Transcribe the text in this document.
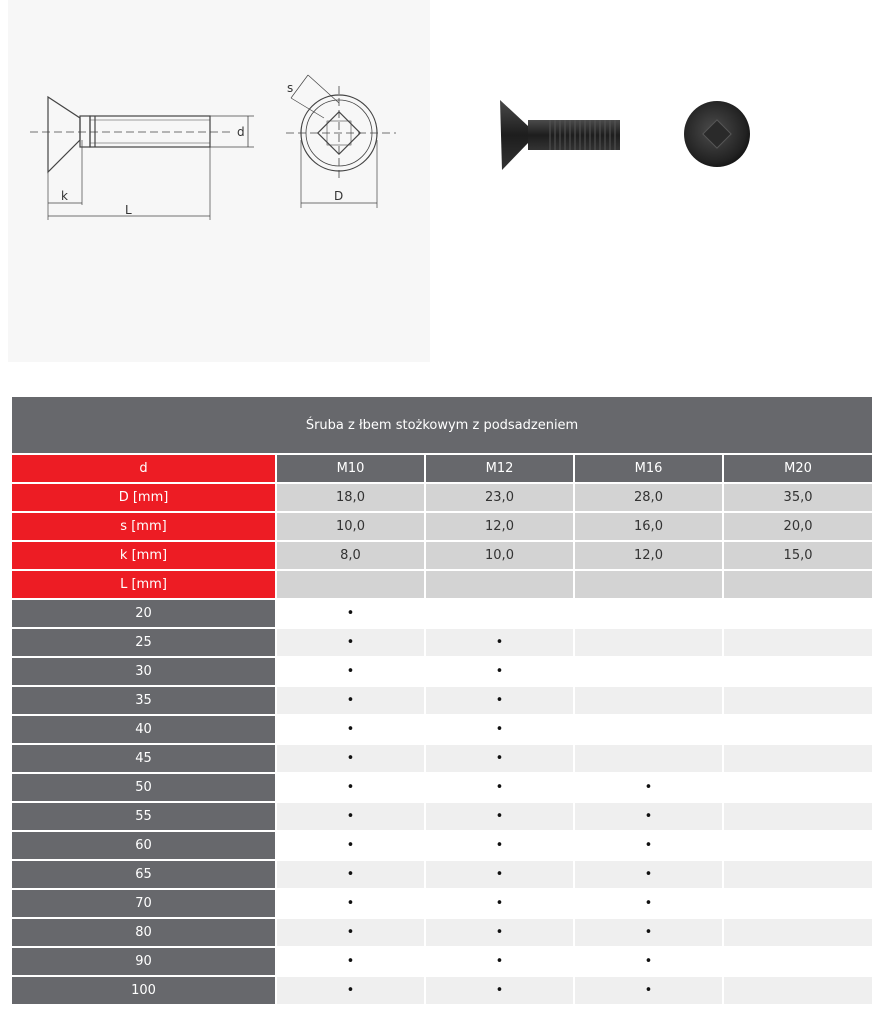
d
k
L
s
D
Śruba z łbem stożkowym z podsadzeniem				
d	M10	M12	M16	M20
D [mm]	18,0	23,0	28,0	35,0
s [mm]	10,0	12,0	16,0	20,0
k [mm]	8,0	10,0	12,0	15,0
L [mm]				
20	•			
25	•	•		
30	•	•		
35	•	•		
40	•	•		
45	•	•		
50	•	•	•	
55	•	•	•	
60	•	•	•	
65	•	•	•	
70	•	•	•	
80	•	•	•	
90	•	•	•	
100	•	•	•	
